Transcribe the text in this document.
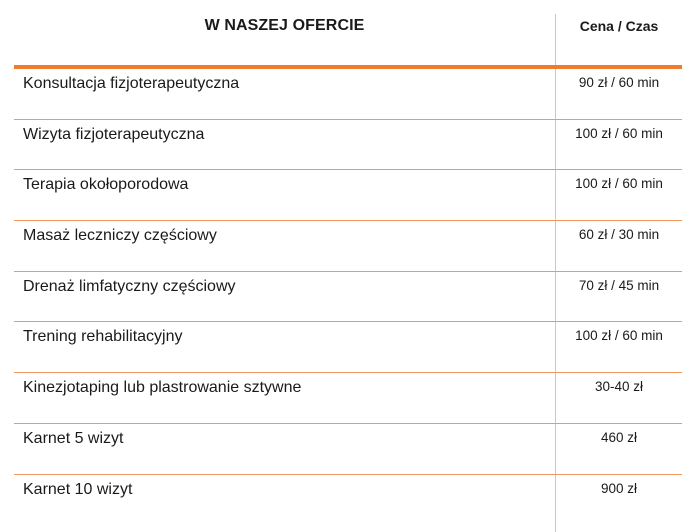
W NASZEJ OFERCIE	Cena / Czas
Konsultacja fizjoterapeutyczna	90 zł / 60 min
Wizyta fizjoterapeutyczna	100 zł / 60 min
Terapia okołoporodowa	100 zł / 60 min
Masaż leczniczy częściowy	60 zł / 30 min
Drenaż limfatyczny częściowy	70 zł / 45 min
Trening rehabilitacyjny	100 zł / 60 min
Kinezjotaping lub plastrowanie sztywne	30-40 zł
Karnet 5 wizyt	460 zł
Karnet 10 wizyt	900 zł
